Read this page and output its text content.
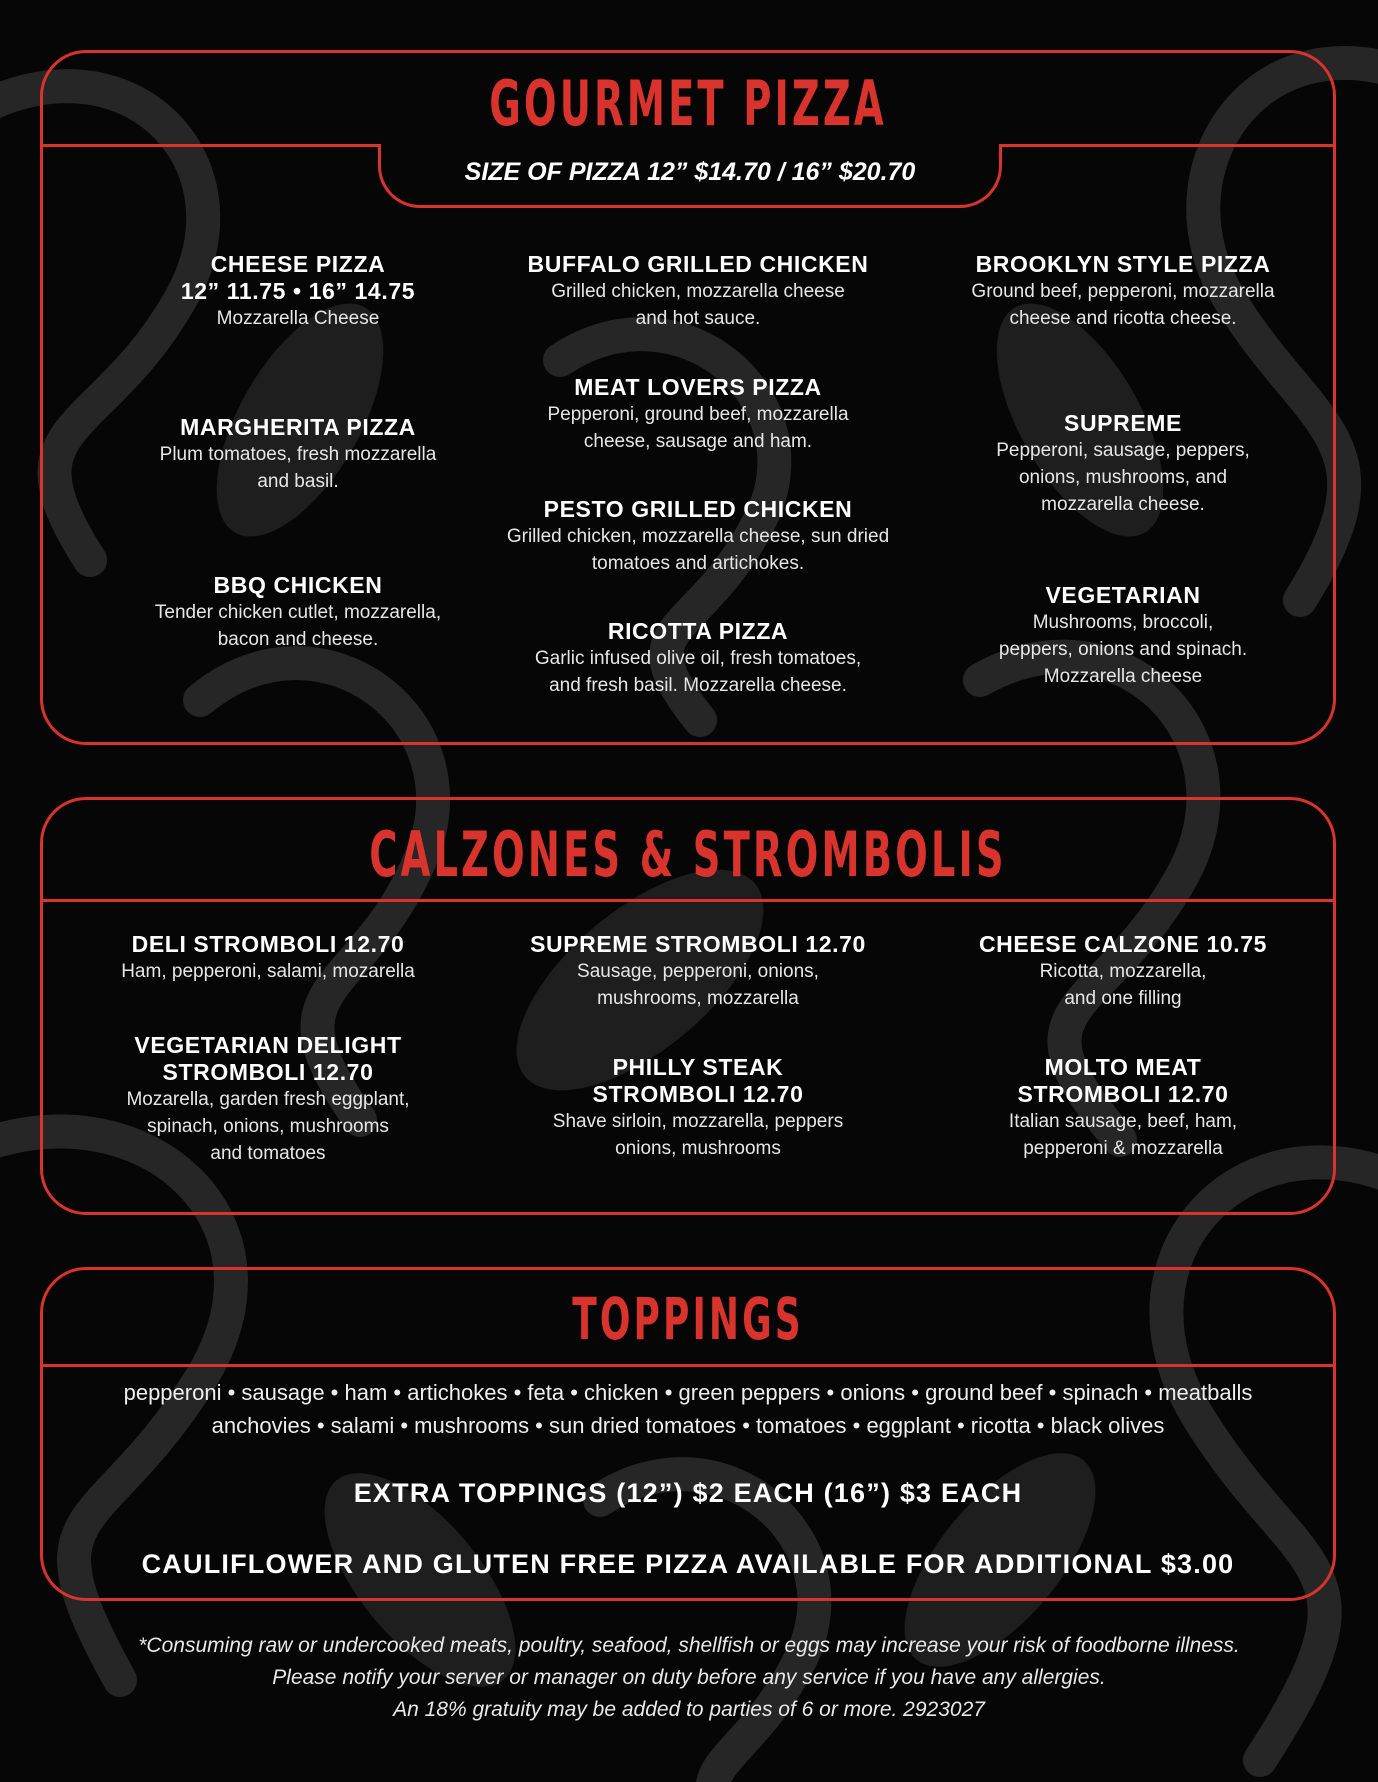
GOURMET PIZZA
SIZE OF PIZZA 12” $14.70 / 16” $20.70
CHEESE PIZZA
12” 11.75 • 16” 14.75
Mozzarella Cheese
MARGHERITA PIZZA
Plum tomatoes, fresh mozzarella
and basil.
BBQ CHICKEN
Tender chicken cutlet, mozzarella,
bacon and cheese.
BUFFALO GRILLED CHICKEN
Grilled chicken, mozzarella cheese
and hot sauce.
MEAT LOVERS PIZZA
Pepperoni, ground beef, mozzarella
cheese, sausage and ham.
PESTO GRILLED CHICKEN
Grilled chicken, mozzarella cheese, sun dried
tomatoes and artichokes.
RICOTTA PIZZA
Garlic infused olive oil, fresh tomatoes,
and fresh basil. Mozzarella cheese.
BROOKLYN STYLE PIZZA
Ground beef, pepperoni, mozzarella
cheese and ricotta cheese.
SUPREME
Pepperoni, sausage, peppers,
onions, mushrooms, and
mozzarella cheese.
VEGETARIAN
Mushrooms, broccoli,
peppers, onions and spinach.
Mozzarella cheese
CALZONES & STROMBOLIS
DELI STROMBOLI 12.70
Ham, pepperoni, salami, mozarella
VEGETARIAN DELIGHT
STROMBOLI 12.70
Mozarella, garden fresh eggplant,
spinach, onions, mushrooms
and tomatoes
SUPREME STROMBOLI 12.70
Sausage, pepperoni, onions,
mushrooms, mozzarella
PHILLY STEAK
STROMBOLI 12.70
Shave sirloin, mozzarella, peppers
onions, mushrooms
CHEESE CALZONE 10.75
Ricotta, mozzarella,
and one filling
MOLTO MEAT
STROMBOLI 12.70
Italian sausage, beef, ham,
pepperoni & mozzarella
TOPPINGS
pepperoni • sausage • ham • artichokes • feta • chicken • green peppers • onions • ground beef • spinach • meatballs
anchovies • salami • mushrooms • sun dried tomatoes • tomatoes • eggplant • ricotta • black olives
EXTRA TOPPINGS (12”) $2 EACH (16”) $3 EACH
CAULIFLOWER AND GLUTEN FREE PIZZA AVAILABLE FOR ADDITIONAL $3.00
*Consuming raw or undercooked meats, poultry, seafood, shellfish or eggs may increase your risk of foodborne illness.
Please notify your server or manager on duty before any service if you have any allergies.
An 18% gratuity may be added to parties of 6 or more. 2923027
